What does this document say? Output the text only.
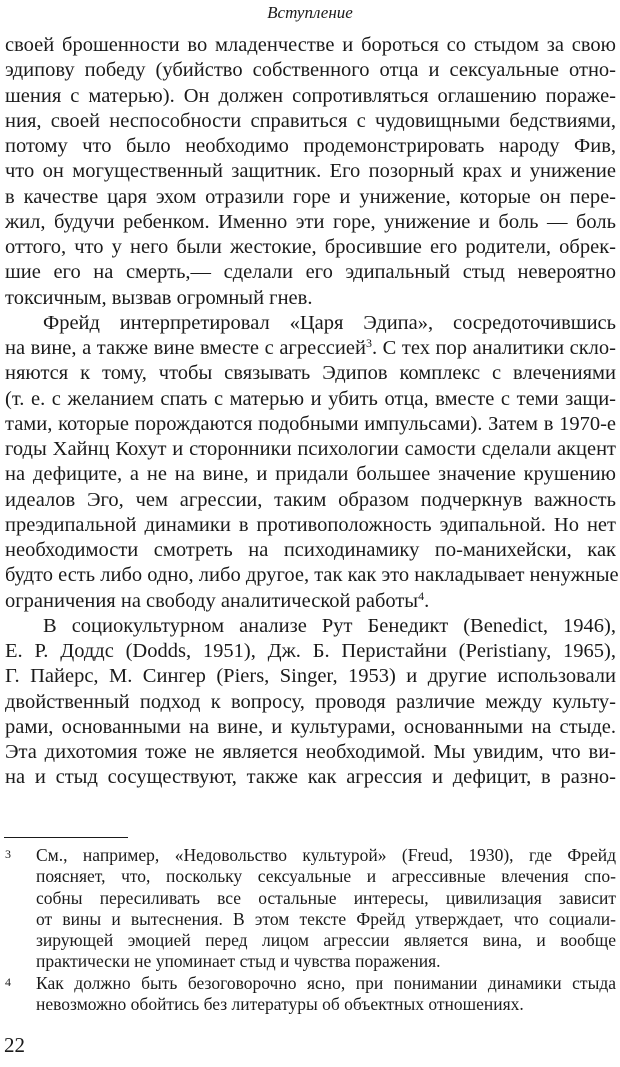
Вступление
своей брошенности во младенчестве и бороться со стыдом за свою
эдипову победу (убийство собственного отца и сексуальные отно-
шения с матерью). Он должен сопротивляться оглашению пораже-
ния, своей неспособности справиться с чудовищными бедствиями,
потому что было необходимо продемонстрировать народу Фив,
что он могущественный защитник. Его позорный крах и унижение
в качестве царя эхом отразили горе и унижение, которые он пере-
жил, будучи ребенком. Именно эти горе, унижение и боль — боль
оттого, что у него были жестокие, бросившие его родители, обрек-
шие его на смерть,— сделали его эдипальный стыд невероятно
токсичным, вызвав огромный гнев.
Фрейд интерпретировал «Царя Эдипа», сосредоточившись
на вине, а также вине вместе с агрессией$^3$. С тех пор аналитики скло-
няются к тому, чтобы связывать Эдипов комплекс с влечениями
(т. е. с желанием спать с матерью и убить отца, вместе с теми защи-
тами, которые порождаются подобными импульсами). Затем в 1970-е
годы Хайнц Кохут и сторонники психологии самости сделали акцент
на дефиците, а не на вине, и придали большее значение крушению
идеалов Эго, чем агрессии, таким образом подчеркнув важность
преэдипальной динамики в противоположность эдипальной. Но нет
необходимости смотреть на психодинамику по-манихейски, как
будто есть либо одно, либо другое, так как это накладывает ненужные
ограничения на свободу аналитической работы$^4$.
В социокультурном анализе Рут Бенедикт (Benedict, 1946),
Е. Р. Доддс (Dodds, 1951), Дж. Б. Перистайни (Peristiany, 1965),
Г. Пайерс, М. Сингер (Piers, Singer, 1953) и другие использовали
двойственный подход к вопросу, проводя различие между культу-
рами, основанными на вине, и культурами, основанными на стыде.
Эта дихотомия тоже не является необходимой. Мы увидим, что ви-
на и стыд сосуществуют, также как агрессия и дефицит, в разно-
3 См., например, «Недовольство культурой» (Freud, 1930), где Фрейд
поясняет, что, поскольку сексуальные и агрессивные влечения спо-
собны пересиливать все остальные интересы, цивилизация зависит
от вины и вытеснения. В этом тексте Фрейд утверждает, что социали-
зирующей эмоцией перед лицом агрессии является вина, и вообще
практически не упоминает стыд и чувства поражения.
4 Как должно быть безоговорочно ясно, при понимании динамики стыда
невозможно обойтись без литературы об объектных отношениях.
22
